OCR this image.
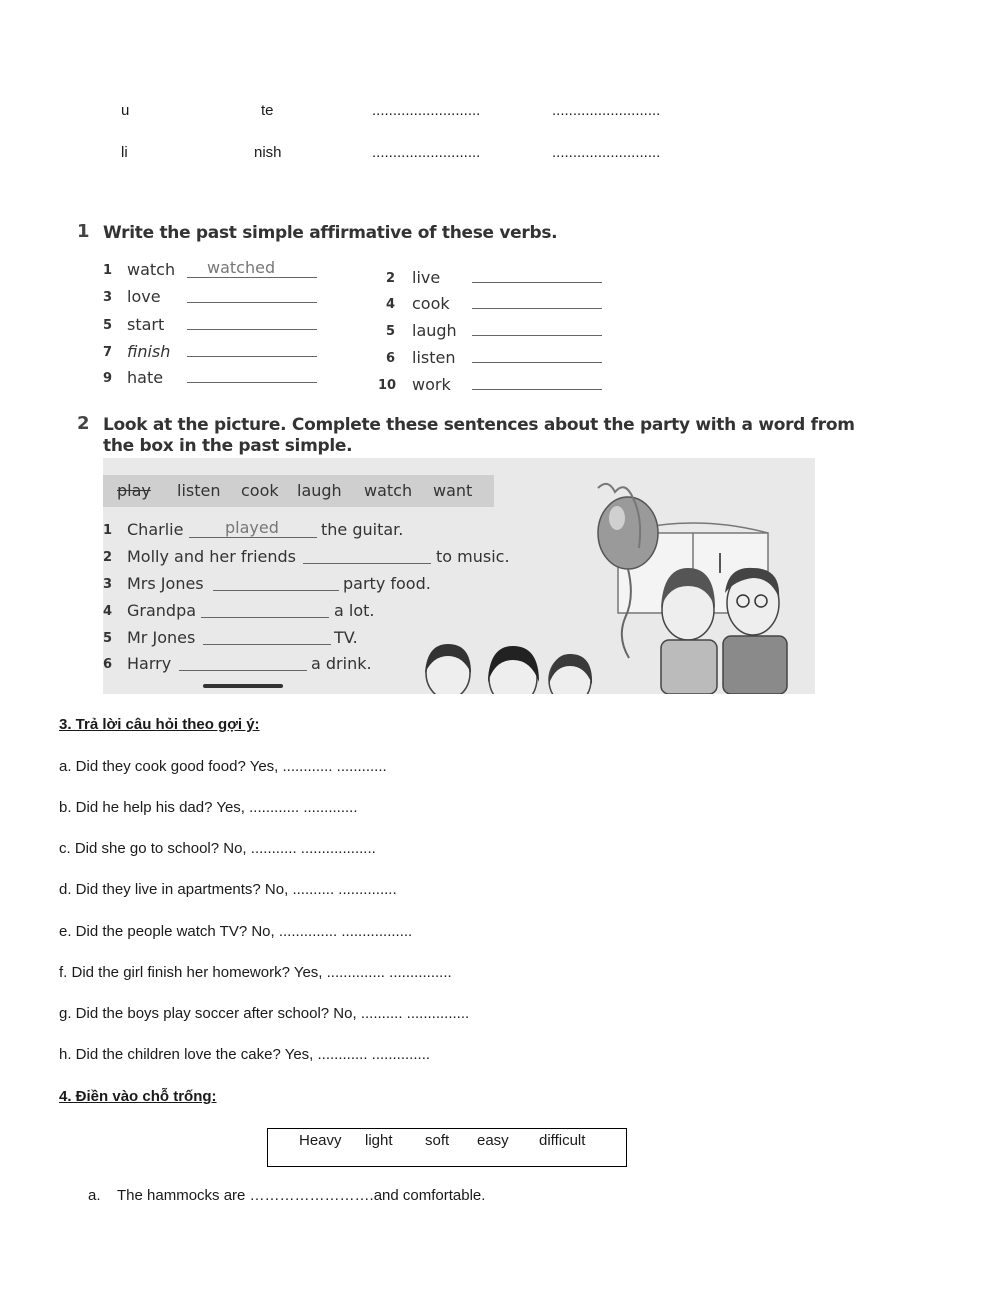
u	te	..........................	..........................
li	nish	..........................	..........................
1 Write the past simple affirmative of these verbs.
1 watch watched
3 love
5 start
7 finish
9 hate
2 live
4 cook
5 laugh
6 listen
10 work
2 Look at the picture. Complete these sentences about the party with a word from
the box in the past simple.
play listen cook laugh watch want
1 Charlie	played	the guitar.
2 Molly and her friends	to music.
3 Mrs Jones	party food.
4 Grandpa	a lot.
5 Mr Jones	TV.
6 Harry	a drink.
3. Trả lời câu hỏi theo gợi ý:
a. Did they cook good food? Yes, ............ ............
b. Did he help his dad? Yes, ............ .............
c. Did she go to school? No, ........... ..................
d. Did they live in apartments? No, .......... ..............
e. Did the people watch TV? No, .............. .................
f. Did the girl finish her homework? Yes, .............. ...............
g. Did the boys play soccer after school? No, .......... ...............
h. Did the children love the cake? Yes, ............ ..............
4. Điền vào chỗ trống:
Heavy light soft easy difficult
a. The hammocks are …………………….and comfortable.
